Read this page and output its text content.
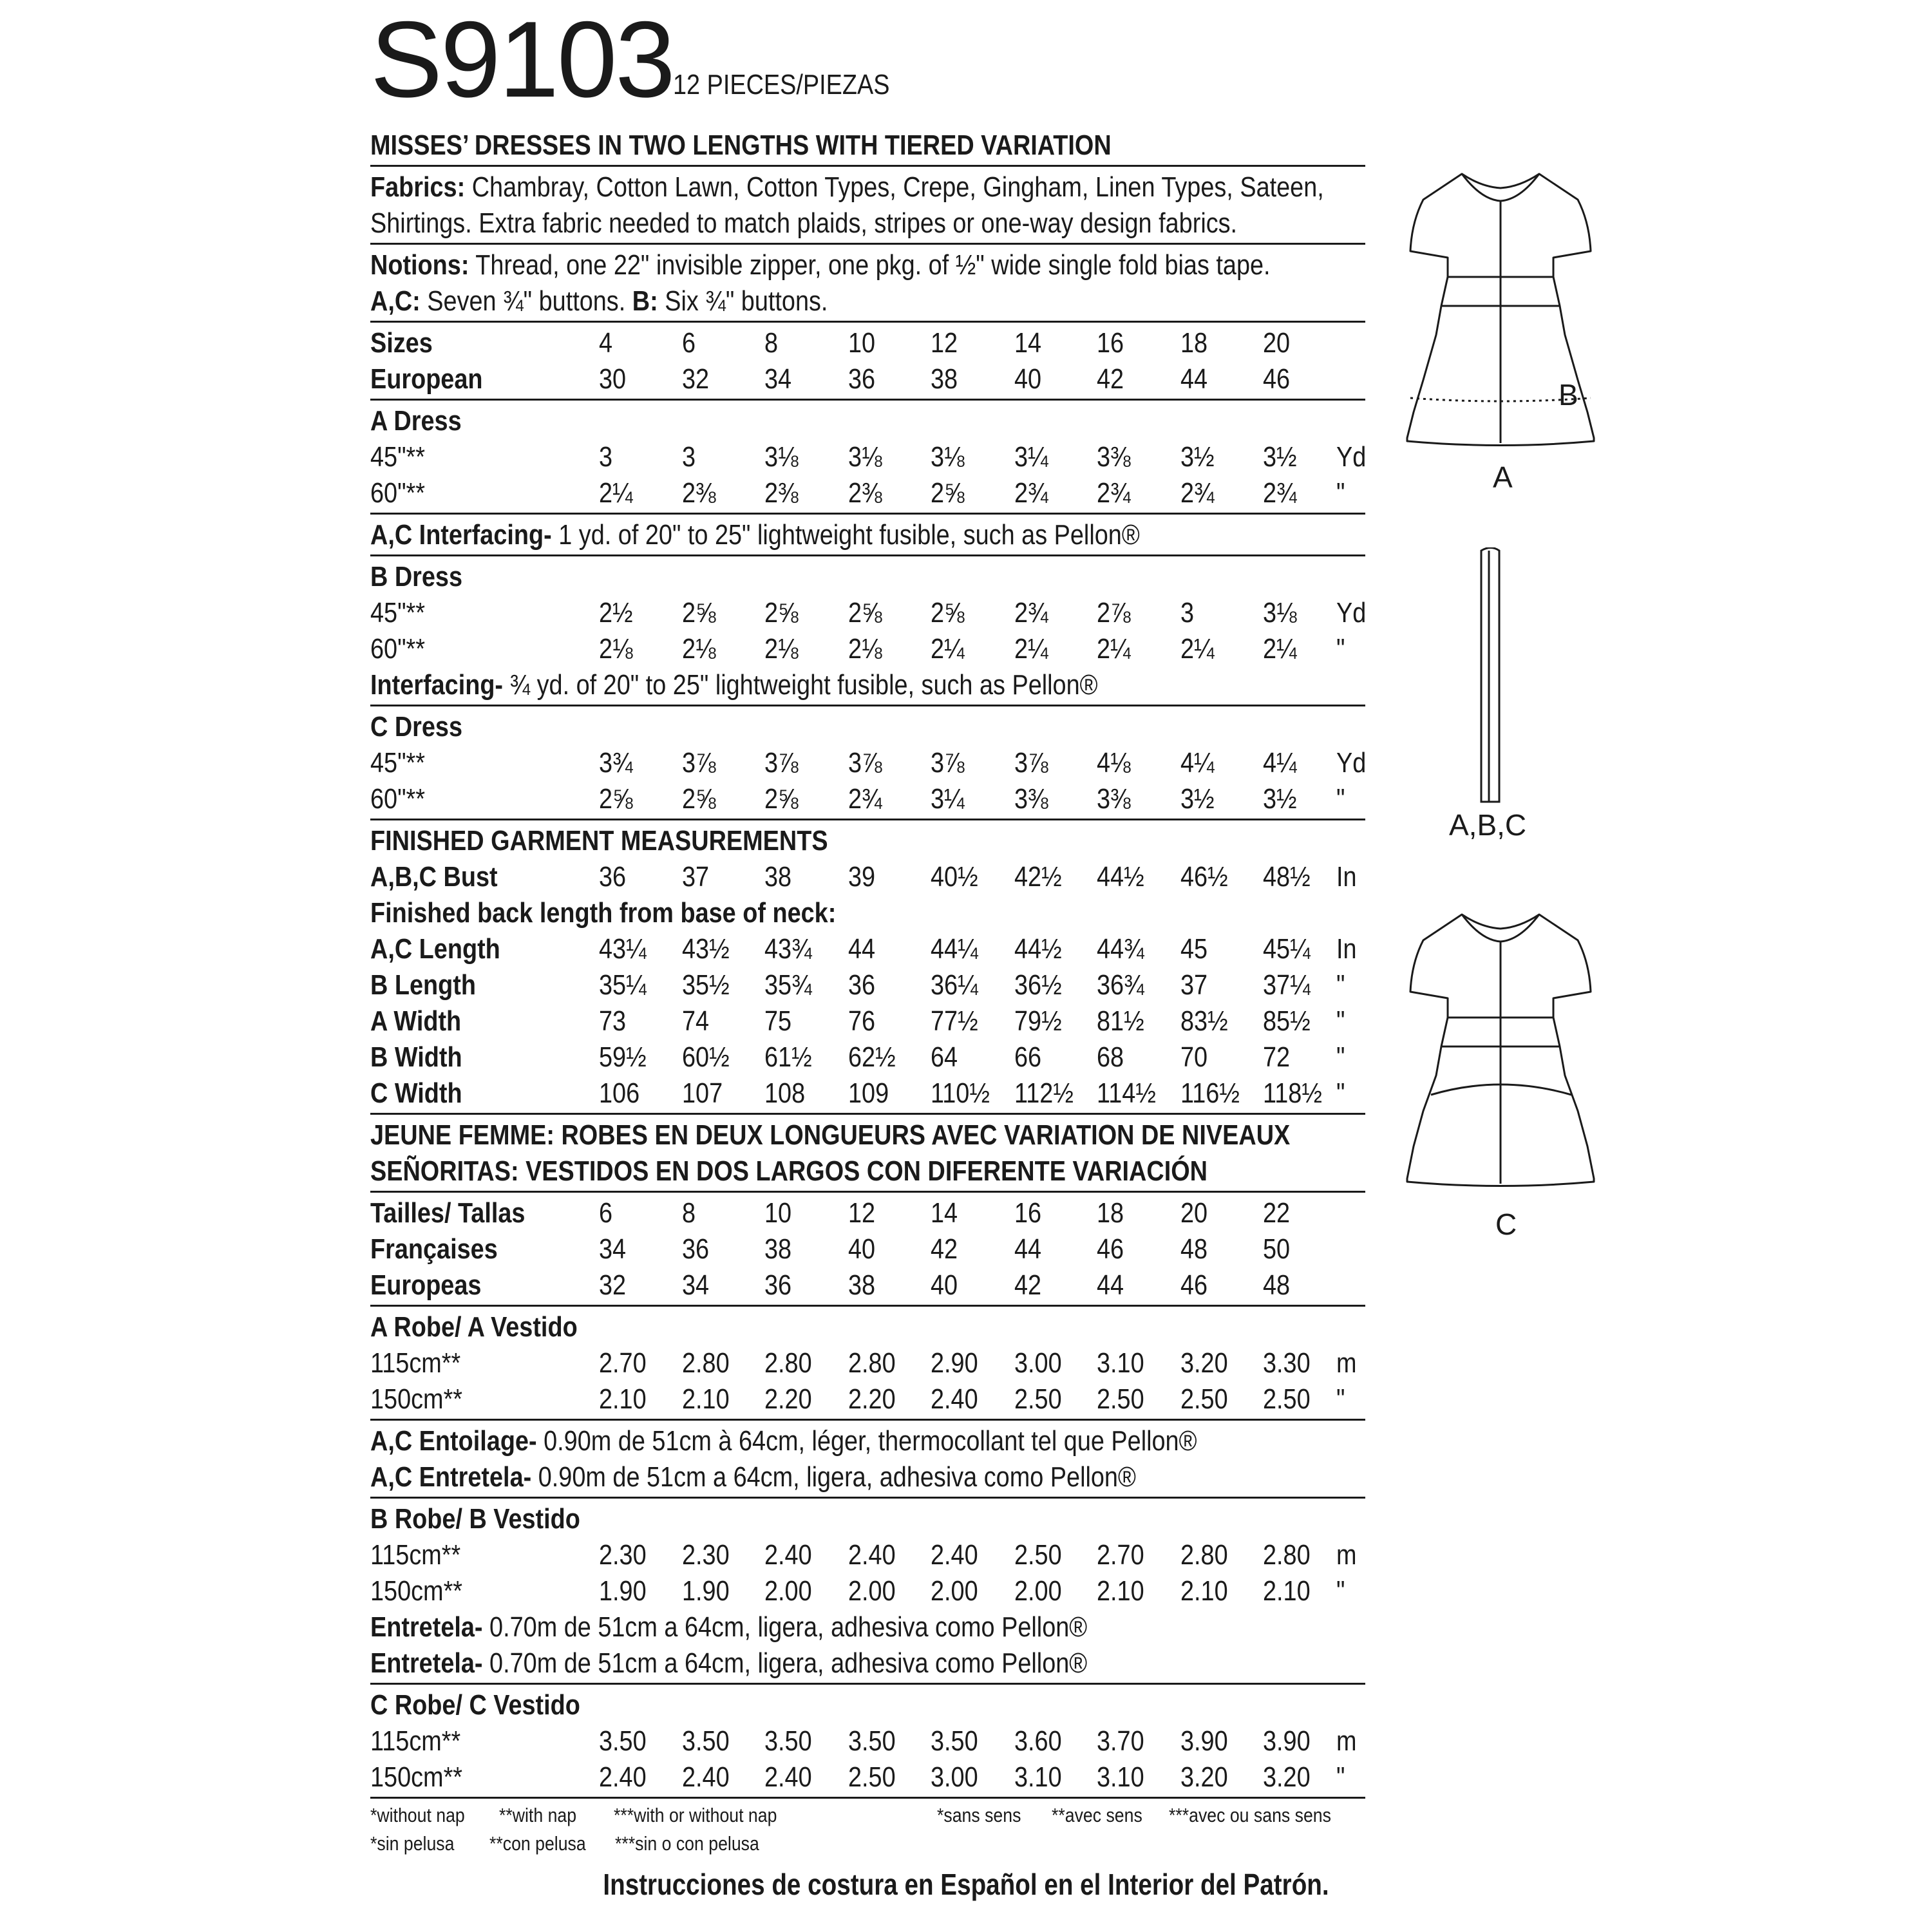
S9103 12 PIECES/PIEZAS
MISSES’ DRESSES IN TWO LENGTHS WITH TIERED VARIATION
Fabrics: Chambray, Cotton Lawn, Cotton Types, Crepe, Gingham, Linen Types, Sateen,
Shirtings. Extra fabric needed to match plaids, stripes or one-way design fabrics.
Notions: Thread, one 22" invisible zipper, one pkg. of ½" wide single fold bias tape.
A,C: Seven ¾" buttons. B: Six ¾" buttons.
Sizes	4 6 8 10 12 14 16 18 20
European	30 32 34 36 38 40 42 44 46
A Dress
45"**	3 3 3⅛ 3⅛ 3⅛ 3¼ 3⅜ 3½ 3½ Yd
60"**	2¼ 2⅜ 2⅜ 2⅜ 2⅝ 2¾ 2¾ 2¾ 2¾ "
A,C Interfacing- 1 yd. of 20" to 25" lightweight fusible, such as Pellon®
B Dress
45"**	2½ 2⅝ 2⅝ 2⅝ 2⅝ 2¾ 2⅞ 3 3⅛ Yd
60"**	2⅛ 2⅛ 2⅛ 2⅛ 2¼ 2¼ 2¼ 2¼ 2¼ "
Interfacing- ¾ yd. of 20" to 25" lightweight fusible, such as Pellon®
C Dress
45"**	3¾ 3⅞ 3⅞ 3⅞ 3⅞ 3⅞ 4⅛ 4¼ 4¼ Yd
60"**	2⅝ 2⅝ 2⅝ 2¾ 3¼ 3⅜ 3⅜ 3½ 3½ "
FINISHED GARMENT MEASUREMENTS
A,B,C Bust	36 37 38 39 40½ 42½ 44½ 46½ 48½ In
Finished back length from base of neck:
A,C Length	43¼ 43½ 43¾ 44 44¼ 44½ 44¾ 45 45¼ In
B Length	35¼ 35½ 35¾ 36 36¼ 36½ 36¾ 37 37¼ "
A Width	73 74 75 76 77½ 79½ 81½ 83½ 85½ "
B Width	59½ 60½ 61½ 62½ 64 66 68 70 72 "
C Width	106 107 108 109 110½ 112½ 114½ 116½ 118½ "
JEUNE FEMME: ROBES EN DEUX LONGUEURS AVEC VARIATION DE NIVEAUX
SEÑORITAS: VESTIDOS EN DOS LARGOS CON DIFERENTE VARIACIÓN
Tailles/ Tallas	6 8 10 12 14 16 18 20 22
Françaises	34 36 38 40 42 44 46 48 50
Europeas	32 34 36 38 40 42 44 46 48
A Robe/ A Vestido
115cm**	2.70 2.80 2.80 2.80 2.90 3.00 3.10 3.20 3.30 m
150cm**	2.10 2.10 2.20 2.20 2.40 2.50 2.50 2.50 2.50 "
A,C Entoilage- 0.90m de 51cm à 64cm, léger, thermocollant tel que Pellon®
A,C Entretela- 0.90m de 51cm a 64cm, ligera, adhesiva como Pellon®
B Robe/ B Vestido
115cm**	2.30 2.30 2.40 2.40 2.40 2.50 2.70 2.80 2.80 m
150cm**	1.90 1.90 2.00 2.00 2.00 2.00 2.10 2.10 2.10 "
Entretela- 0.70m de 51cm a 64cm, ligera, adhesiva como Pellon®
Entretela- 0.70m de 51cm a 64cm, ligera, adhesiva como Pellon®
C Robe/ C Vestido
115cm**	3.50 3.50 3.50 3.50 3.50 3.60 3.70 3.90 3.90 m
150cm**	2.40 2.40 2.40 2.50 3.00 3.10 3.10 3.20 3.20 "
*without nap **with nap ***with or without nap	*sans sens **avec sens ***avec ou sans sens
*sin pelusa **con pelusa ***sin o con pelusa
Instrucciones de costura en Español en el Interior del Patrón.
B
A
A,B,C
C
